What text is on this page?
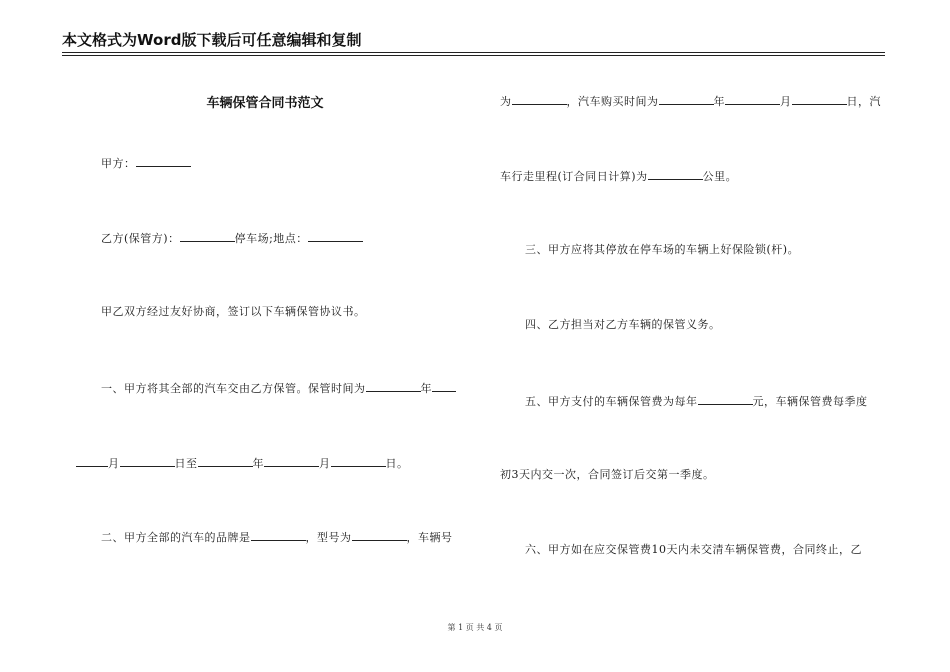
本文格式为Word版下载后可任意编辑和复制
车辆保管合同书范文
甲方：
乙方(保管方)：	停车场;地点：
甲乙双方经过友好协商，签订以下车辆保管协议书。
一、甲方将其全部的汽车交由乙方保管。保管时间为	年
月	日至	年	月	日。
二、甲方全部的汽车的品牌是	，型号为	，车辆号
为	，汽车购买时间为	年	月	日，汽
车行走里程(订合同日计算)为	公里。
三、甲方应将其停放在停车场的车辆上好保险锁(杆)。
四、乙方担当对乙方车辆的保管义务。
五、甲方支付的车辆保管费为每年	元，车辆保管费每季度
初3天内交一次，合同签订后交第一季度。
六、甲方如在应交保管费10天内未交清车辆保管费，合同终止，乙
第 1 页 共 4 页
